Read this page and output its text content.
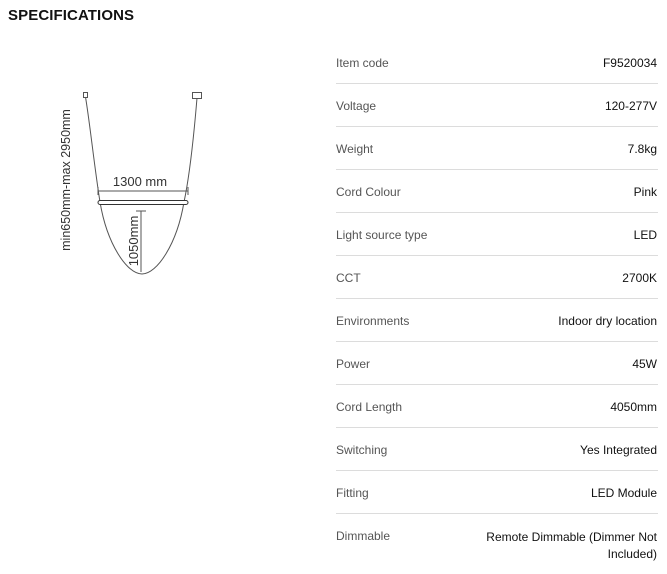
SPECIFICATIONS
1300 mm
1050mm
min650mm-max 2950mm
Item code	F9520034
Voltage	120-277V
Weight	7.8kg
Cord Colour	Pink
Light source type	LED
CCT	2700K
Environments	Indoor dry location
Power	45W
Cord Length	4050mm
Switching	Yes Integrated
Fitting	LED Module
Dimmable	Remote Dimmable (Dimmer Not Included)
